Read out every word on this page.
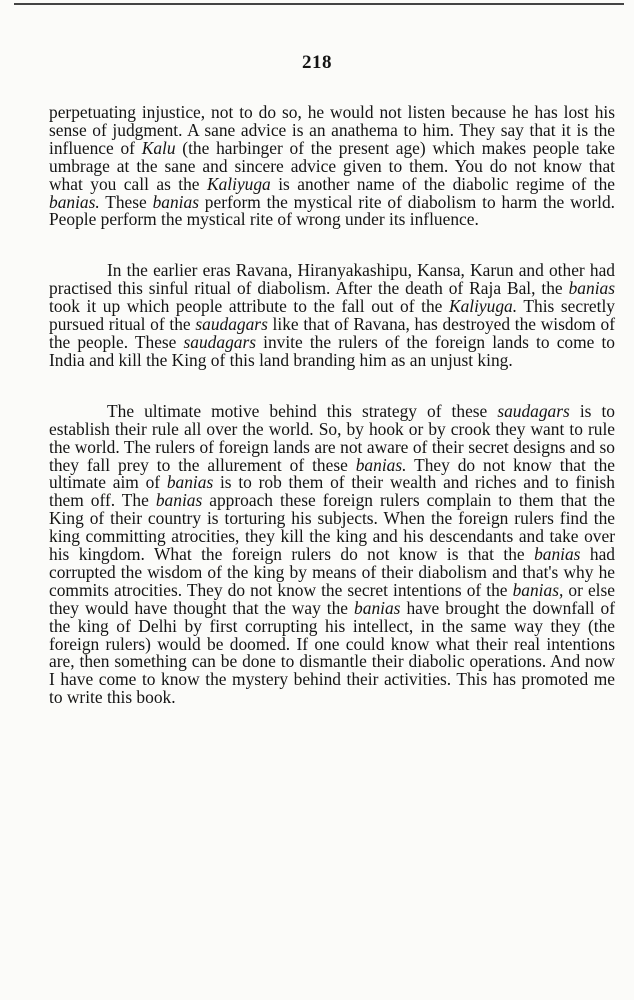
218
perpetuating injustice, not to do so, he would not listen because he has lost his sense of judgment. A sane advice is an anathema to him. They say that it is the influence of Kalu (the harbinger of the present age) which makes people take umbrage at the sane and sincere advice given to them. You do not know that what you call as the Kaliyuga is another name of the diabolic regime of the banias. These banias perform the mystical rite of diabolism to harm the world. People perform the mystical rite of wrong under its influence.
In the earlier eras Ravana, Hiranyakashipu, Kansa, Karun and other had practised this sinful ritual of diabolism. After the death of Raja Bal, the banias took it up which people attribute to the fall out of the Kaliyuga. This secretly pursued ritual of the saudagars like that of Ravana, has destroyed the wisdom of the people. These saudagars invite the rulers of the foreign lands to come to India and kill the King of this land branding him as an unjust king.
The ultimate motive behind this strategy of these saudagars is to establish their rule all over the world. So, by hook or by crook they want to rule the world. The rulers of foreign lands are not aware of their secret designs and so they fall prey to the allurement of these banias. They do not know that the ultimate aim of banias is to rob them of their wealth and riches and to finish them off. The banias approach these foreign rulers complain to them that the King of their country is torturing his subjects. When the foreign rulers find the king committing atrocities, they kill the king and his descendants and take over his kingdom. What the foreign rulers do not know is that the banias had corrupted the wisdom of the king by means of their diabolism and that's why he commits atrocities. They do not know the secret intentions of the banias, or else they would have thought that the way the banias have brought the downfall of the king of Delhi by first corrupting his intellect, in the same way they (the foreign rulers) would be doomed. If one could know what their real intentions are, then something can be done to dismantle their diabolic operations. And now I have come to know the mystery behind their activities. This has promoted me to write this book.
